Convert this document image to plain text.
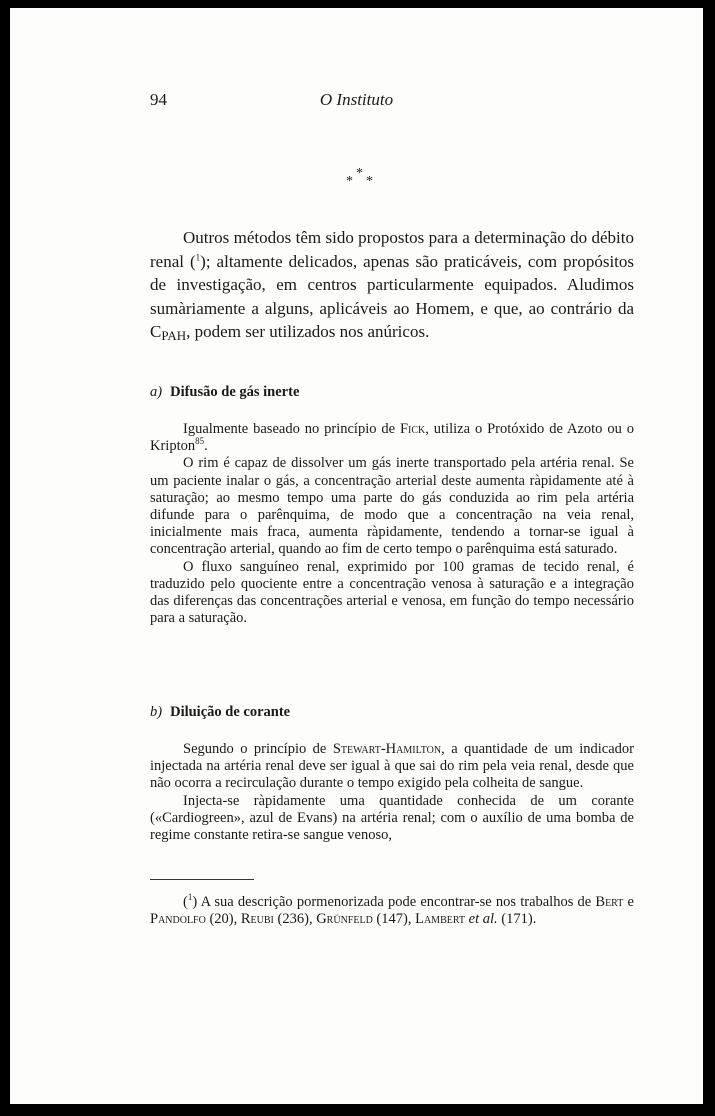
94	O Instituto
*
*
*

Outros métodos têm sido propostos para a determinação do débito renal ($^1$); altamente delicados, apenas são praticáveis, com propósitos de investigação, em centros particularmente equipados. Aludimos sumàriamente a alguns, aplicáveis ao Homem, e que, ao contrário da $C_{PAH}$, podem ser utilizados nos anúricos.

a) Difusão de gás inerte

Igualmente baseado no princípio de Fick, utiliza o Protóxido de Azoto ou o Kripton$^{85}$.

O rim é capaz de dissolver um gás inerte transportado pela artéria renal. Se um paciente inalar o gás, a concentração arterial deste aumenta ràpidamente até à saturação; ao mesmo tempo uma parte do gás conduzida ao rim pela artéria difunde para o parênquima, de modo que a concentração na veia renal, inicialmente mais fraca, aumenta ràpidamente, tendendo a tornar-se igual à concentração arterial, quando ao fim de certo tempo o parênquima está saturado.

O fluxo sanguíneo renal, exprimido por 100 gramas de tecido renal, é traduzido pelo quociente entre a concentração venosa à saturação e a integração das diferenças das concentrações arterial e venosa, em função do tempo necessário para a saturação.

b) Diluição de corante

Segundo o princípio de Stewart-Hamilton, a quantidade de um indicador injectada na artéria renal deve ser igual à que sai do rim pela veia renal, desde que não ocorra a recirculação durante o tempo exigido pela colheita de sangue.

Injecta-se ràpidamente uma quantidade conhecida de um corante («Cardiogreen», azul de Evans) na artéria renal; com o auxílio de uma bomba de regime constante retira-se sangue venoso,

($^1$) A sua descrição pormenorizada pode encontrar-se nos trabalhos de Bert e Pandolfo (20), Reubi (236), Grünfeld (147), Lambert et al. (171).
